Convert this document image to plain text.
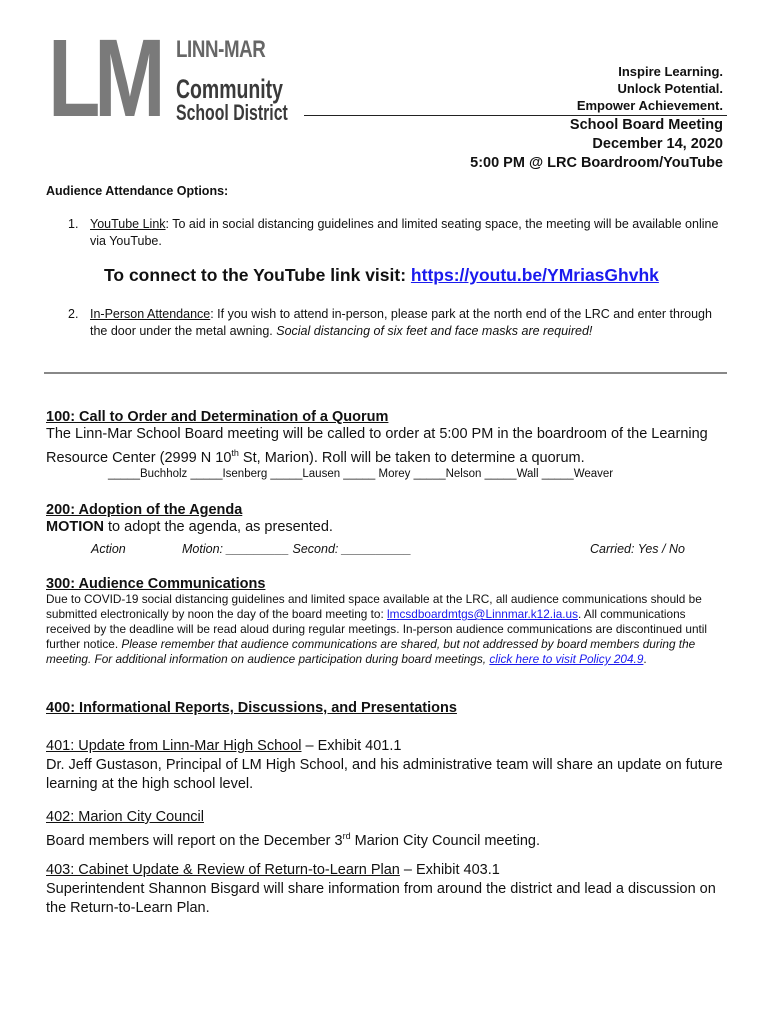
LM LINN-MAR
Community
School District
Inspire Learning.
Unlock Potential.
Empower Achievement.
School Board Meeting
December 14, 2020
5:00 PM @ LRC Boardroom/YouTube
Audience Attendance Options:
1. YouTube Link: To aid in social distancing guidelines and limited seating space, the meeting will be available online via YouTube.
To connect to the YouTube link visit: https://youtu.be/YMriasGhvhk
2. In-Person Attendance: If you wish to attend in-person, please park at the north end of the LRC and enter through the door under the metal awning. Social distancing of six feet and face masks are required!
100: Call to Order and Determination of a Quorum
The Linn-Mar School Board meeting will be called to order at 5:00 PM in the boardroom of the Learning Resource Center (2999 N 10th St, Marion). Roll will be taken to determine a quorum.
_____Buchholz _____Isenberg _____Lausen _____ Morey _____Nelson _____Wall _____Weaver
200: Adoption of the Agenda
MOTION to adopt the agenda, as presented.
Action	Motion: _________ Second: __________	Carried: Yes / No
300: Audience Communications
Due to COVID-19 social distancing guidelines and limited space available at the LRC, all audience communications should be submitted electronically by noon the day of the board meeting to: lmcsdboardmtgs@Linnmar.k12.ia.us. All communications received by the deadline will be read aloud during regular meetings. In-person audience communications are discontinued until further notice. Please remember that audience communications are shared, but not addressed by board members during the meeting. For additional information on audience participation during board meetings, click here to visit Policy 204.9.
400: Informational Reports, Discussions, and Presentations
401: Update from Linn-Mar High School – Exhibit 401.1
Dr. Jeff Gustason, Principal of LM High School, and his administrative team will share an update on future learning at the high school level.
402: Marion City Council
Board members will report on the December 3rd Marion City Council meeting.
403: Cabinet Update & Review of Return-to-Learn Plan – Exhibit 403.1
Superintendent Shannon Bisgard will share information from around the district and lead a discussion on the Return-to-Learn Plan.
